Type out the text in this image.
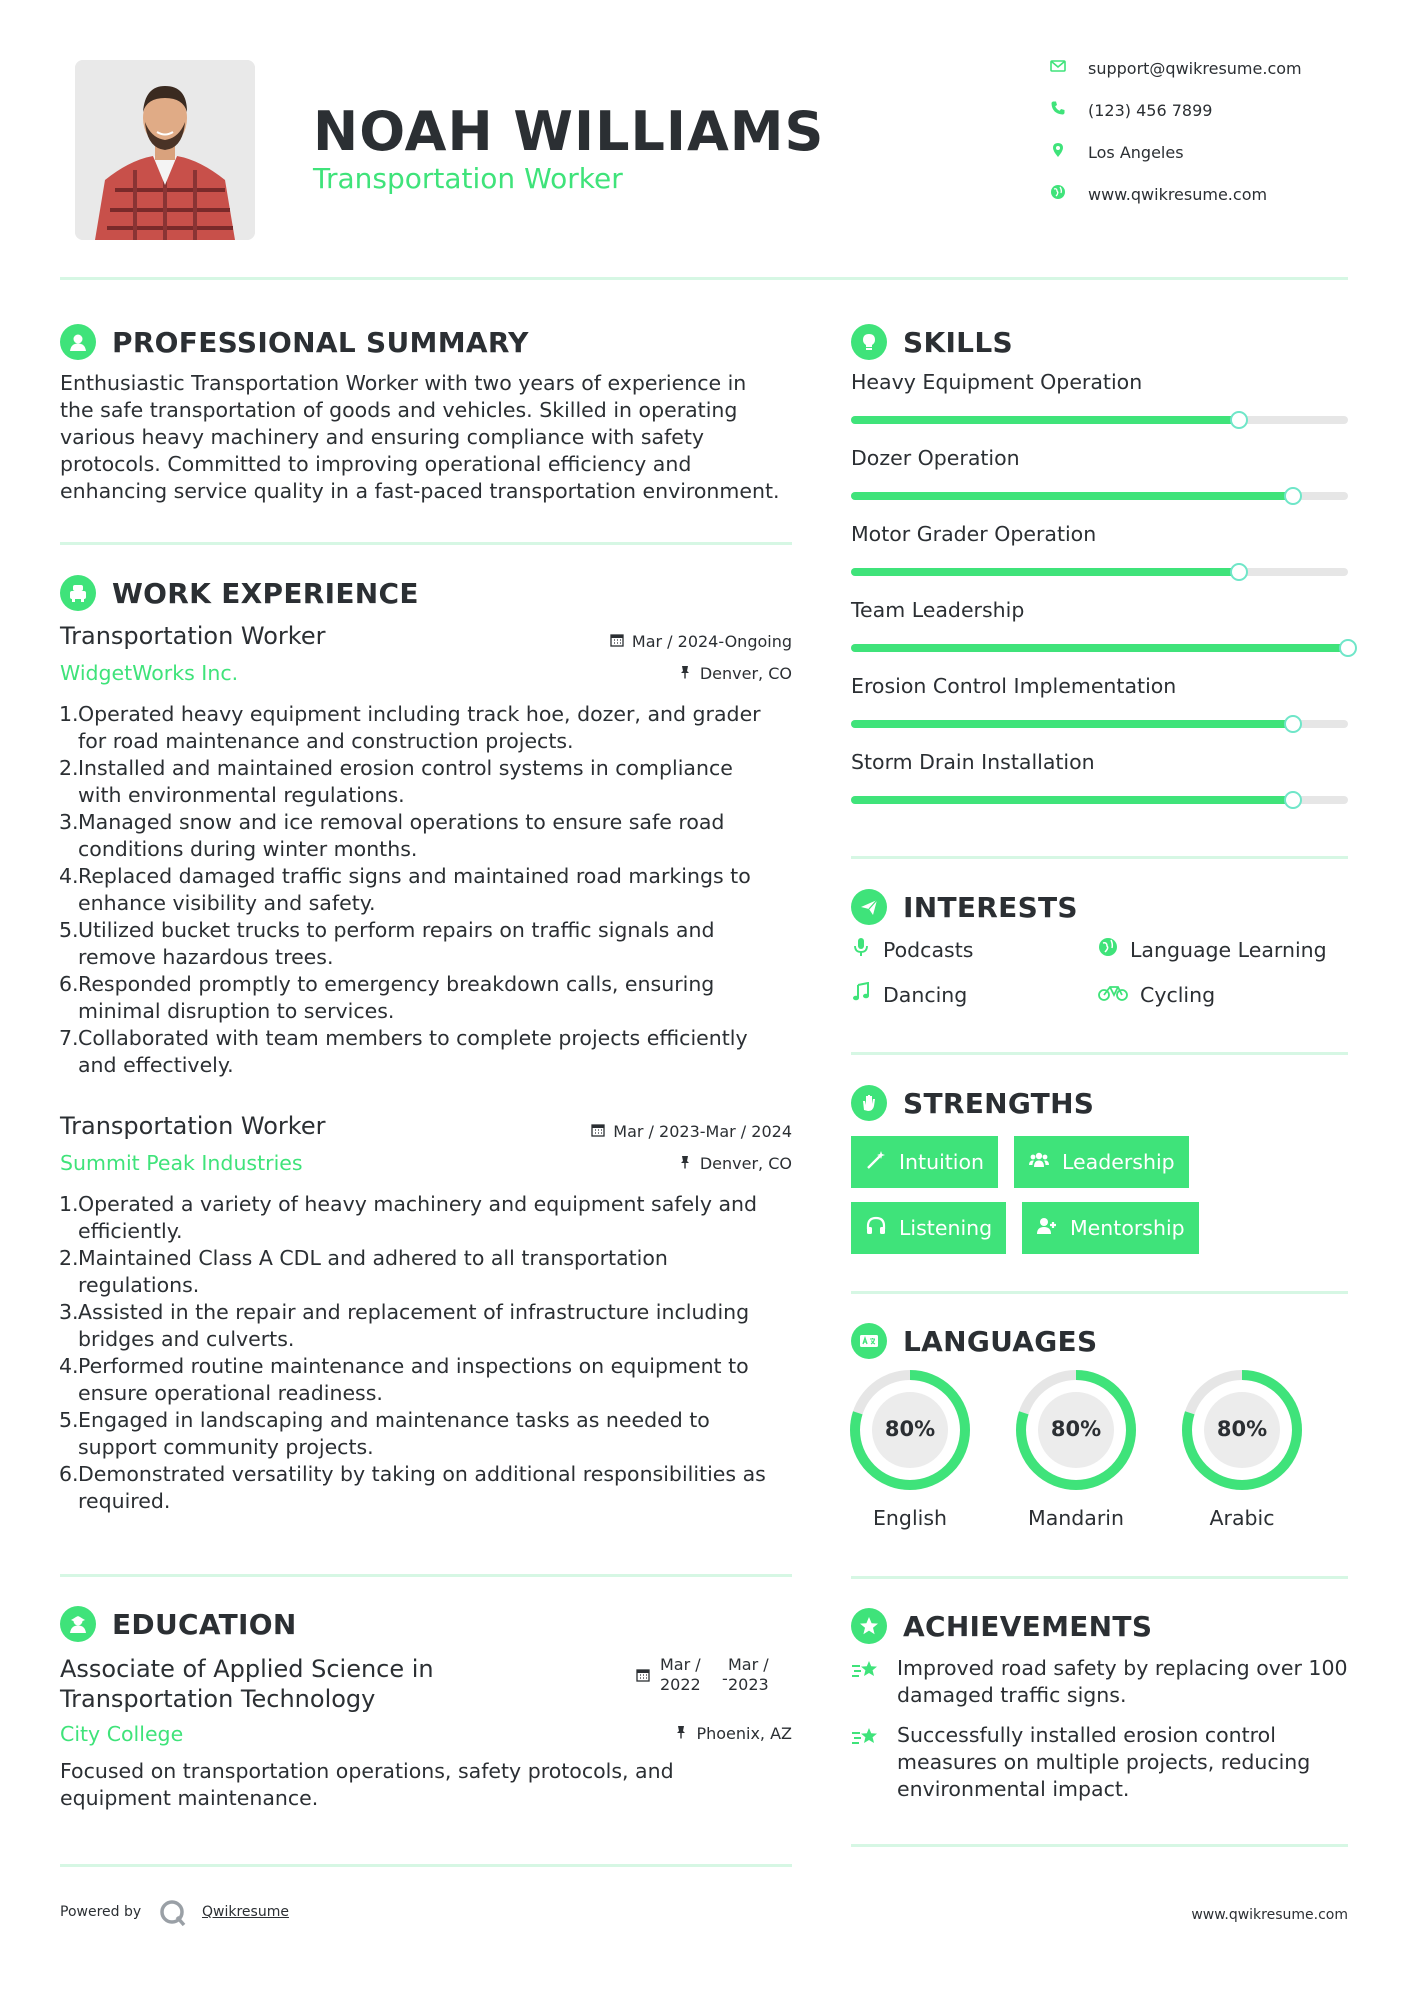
NOAH WILLIAMS
Transportation Worker
support@qwikresume.com
(123) 456 7899
Los Angeles
www.qwikresume.com
PROFESSIONAL SUMMARY
Enthusiastic Transportation Worker with two years of experience in
the safe transportation of goods and vehicles. Skilled in operating
various heavy machinery and ensuring compliance with safety
protocols. Committed to improving operational efficiency and
enhancing service quality in a fast-paced transportation environment.
WORK EXPERIENCE
Transportation Worker
WidgetWorks Inc.
Mar / 2024-Ongoing
Denver, CO
1. Operated heavy equipment including track hoe, dozer, and grader
for road maintenance and construction projects.
2. Installed and maintained erosion control systems in compliance
with environmental regulations.
3. Managed snow and ice removal operations to ensure safe road
conditions during winter months.
4. Replaced damaged traffic signs and maintained road markings to
enhance visibility and safety.
5. Utilized bucket trucks to perform repairs on traffic signals and
remove hazardous trees.
6. Responded promptly to emergency breakdown calls, ensuring
minimal disruption to services.
7. Collaborated with team members to complete projects efficiently
and effectively.
Transportation Worker
Summit Peak Industries
Mar / 2023-Mar / 2024
Denver, CO
1. Operated a variety of heavy machinery and equipment safely and
efficiently.
2. Maintained Class A CDL and adhered to all transportation
regulations.
3. Assisted in the repair and replacement of infrastructure including
bridges and culverts.
4. Performed routine maintenance and inspections on equipment to
ensure operational readiness.
5. Engaged in landscaping and maintenance tasks as needed to
support community projects.
6. Demonstrated versatility by taking on additional responsibilities as
required.
EDUCATION
Associate of Applied Science in
Transportation Technology
City College
Mar /
2022 -
Mar /
2023
Phoenix, AZ
Focused on transportation operations, safety protocols, and
equipment maintenance.
SKILLS
Heavy Equipment Operation
Dozer Operation
Motor Grader Operation
Team Leadership
Erosion Control Implementation
Storm Drain Installation
INTERESTS
Podcasts	Language Learning
Dancing	Cycling
STRENGTHS
Intuition	Leadership
Listening	Mentorship
LANGUAGES
80%
English
80%
Mandarin
80%
Arabic
ACHIEVEMENTS
Improved road safety by replacing over 100
damaged traffic signs.
Successfully installed erosion control
measures on multiple projects, reducing
environmental impact.
Powered by	Qwikresume	www.qwikresume.com
